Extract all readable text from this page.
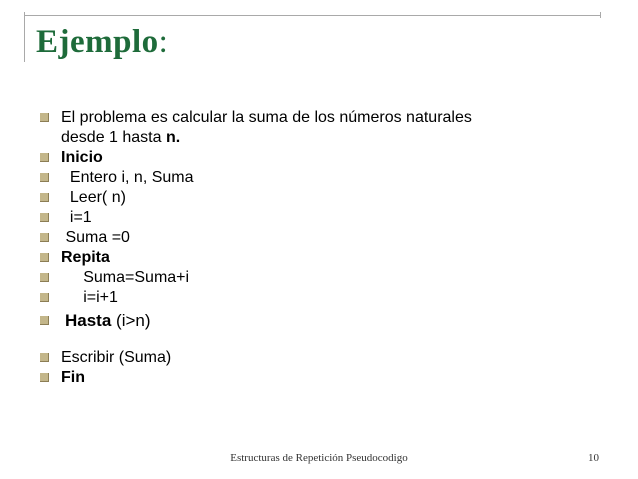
Ejemplo:
El problema es calcular la suma de los números naturales
desde 1 hasta n.
Inicio
Entero i, n, Suma
Leer( n)
i=1
Suma =0
Repita
Suma=Suma+i
i=i+1
Hasta (i>n)
Escribir (Suma)
Fin
Estructuras de Repetición Pseudocodigo	10
